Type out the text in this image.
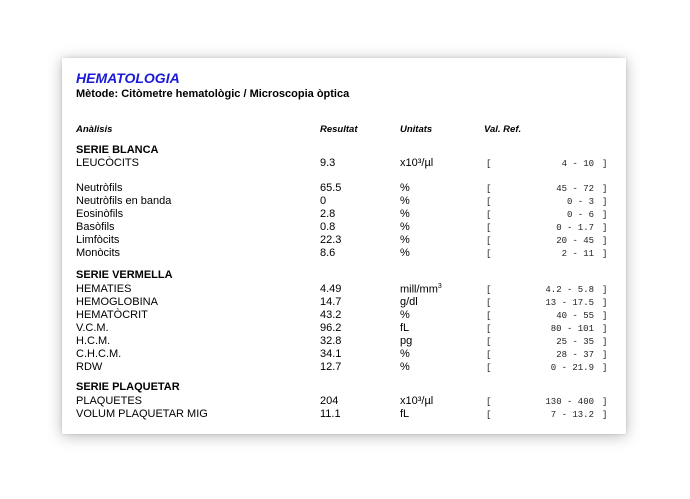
HEMATOLOGIA
Mètode: Citòmetre hematològic / Microscopia òptica
Anàlisis	Resultat	Unitats	Val. Ref.
SERIE BLANCA
LEUCÒCITS	9.3	x10³/µl	[	4 - 10 ]
Neutròfils	65.5	%	[	45 - 72 ]
Neutròfils en banda	0	%	[	0 - 3 ]
Eosinòfils	2.8	%	[	0 - 6 ]
Basòfils	0.8	%	[	0 - 1.7 ]
Limfòcits	22.3	%	[	20 - 45 ]
Monòcits	8.6	%	[	2 - 11 ]
SERIE VERMELLA
HEMATIES	4.49	mill/$mm^3$	[	4.2 - 5.8 ]
HEMOGLOBINA	14.7	g/dl	[	13 - 17.5 ]
HEMATÒCRIT	43.2	%	[	40 - 55 ]
V.C.M.	96.2	fL	[	80 - 101 ]
H.C.M.	32.8	pg	[	25 - 35 ]
C.H.C.M.	34.1	%	[	28 - 37 ]
RDW	12.7	%	[	0 - 21.9 ]
SERIE PLAQUETAR
PLAQUETES	204	x10³/µl	[	130 - 400 ]
VOLUM PLAQUETAR MIG	11.1	fL	[	7 - 13.2 ]
